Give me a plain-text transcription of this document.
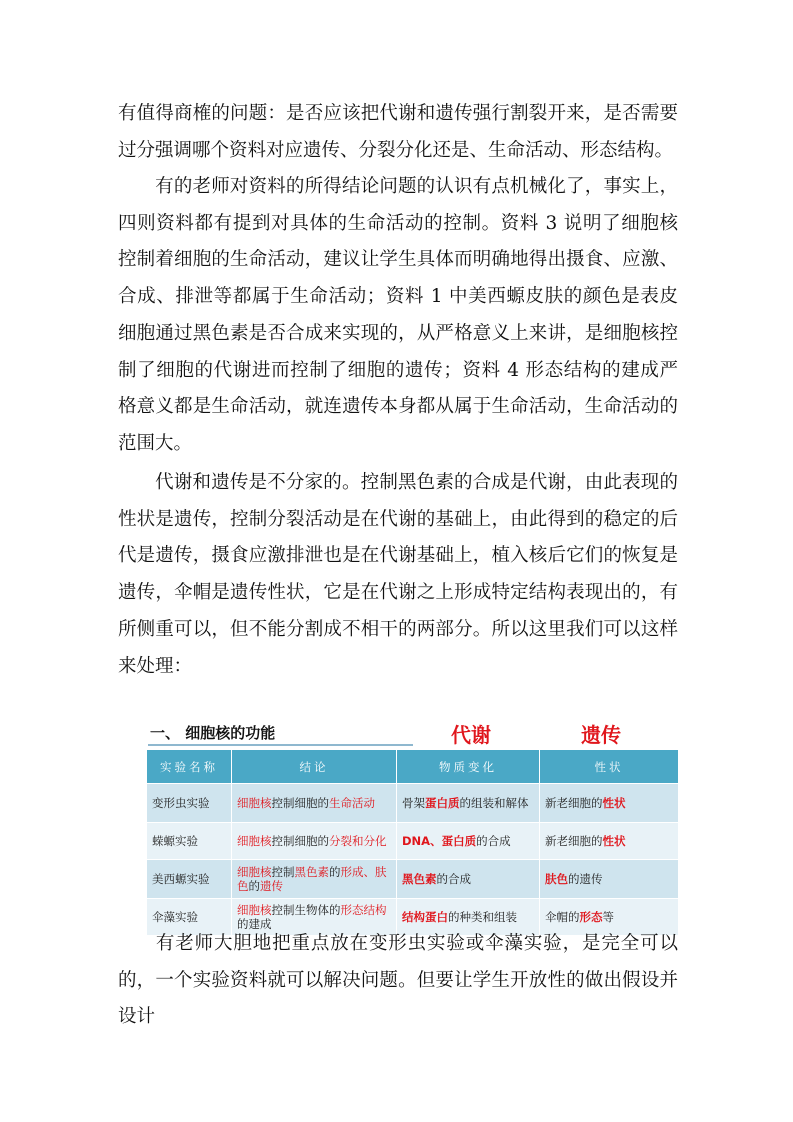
有值得商榷的问题：是否应该把代谢和遗传强行割裂开来，是否需要过分强调哪个资料对应遗传、分裂分化还是、生命活动、形态结构。

有的老师对资料的所得结论问题的认识有点机械化了，事实上，四则资料都有提到对具体的生命活动的控制。资料 3 说明了细胞核控制着细胞的生命活动，建议让学生具体而明确地得出摄食、应激、合成、排泄等都属于生命活动；资料 1 中美西螈皮肤的颜色是表皮细胞通过黑色素是否合成来实现的，从严格意义上来讲，是细胞核控制了细胞的代谢进而控制了细胞的遗传；资料 4 形态结构的建成严格意义都是生命活动，就连遗传本身都从属于生命活动，生命活动的范围大。

代谢和遗传是不分家的。控制黑色素的合成是代谢，由此表现的性状是遗传，控制分裂活动是在代谢的基础上，由此得到的稳定的后代是遗传，摄食应激排泄也是在代谢基础上，植入核后它们的恢复是遗传，伞帽是遗传性状，它是在代谢之上形成特定结构表现出的，有所侧重可以，但不能分割成不相干的两部分。所以这里我们可以这样来处理：

一、 细胞核的功能	代谢	遗传
实验名称	结论	物质变化	性状
变形虫实验	细胞核控制细胞的生命活动	骨架蛋白质的组装和解体	新老细胞的性状
蝾螈实验	细胞核控制细胞的分裂和分化	DNA、蛋白质的合成	新老细胞的性状
美西螈实验	细胞核控制黑色素的形成、肤色的遗传	黑色素的合成	肤色的遗传
伞藻实验	细胞核控制生物体的形态结构的建成	结构蛋白的种类和组装	伞帽的形态等

有老师大胆地把重点放在变形虫实验或伞藻实验，是完全可以的，一个实验资料就可以解决问题。但要让学生开放性的做出假设并设计
